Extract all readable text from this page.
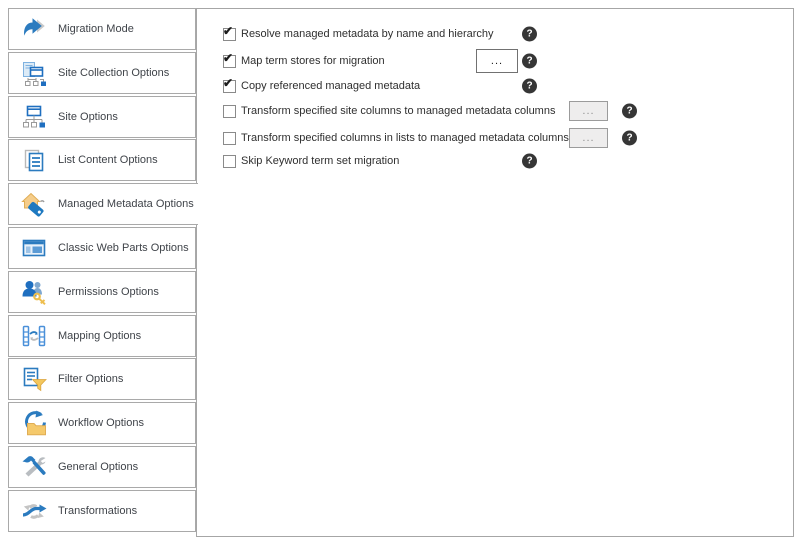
Migration Mode
Site Collection Options
Site Options
List Content Options
Managed Metadata Options
Classic Web Parts Options
Permissions Options
Mapping Options
Filter Options
Workflow Options
General Options
Transformations
✔ Resolve managed metadata by name and hierarchy	?
✔ Map term stores for migration	...	?
✔ Copy referenced managed metadata	?
Transform specified site columns to managed metadata columns	...	?
Transform specified columns in lists to managed metadata columns	...	?
Skip Keyword term set migration	?
